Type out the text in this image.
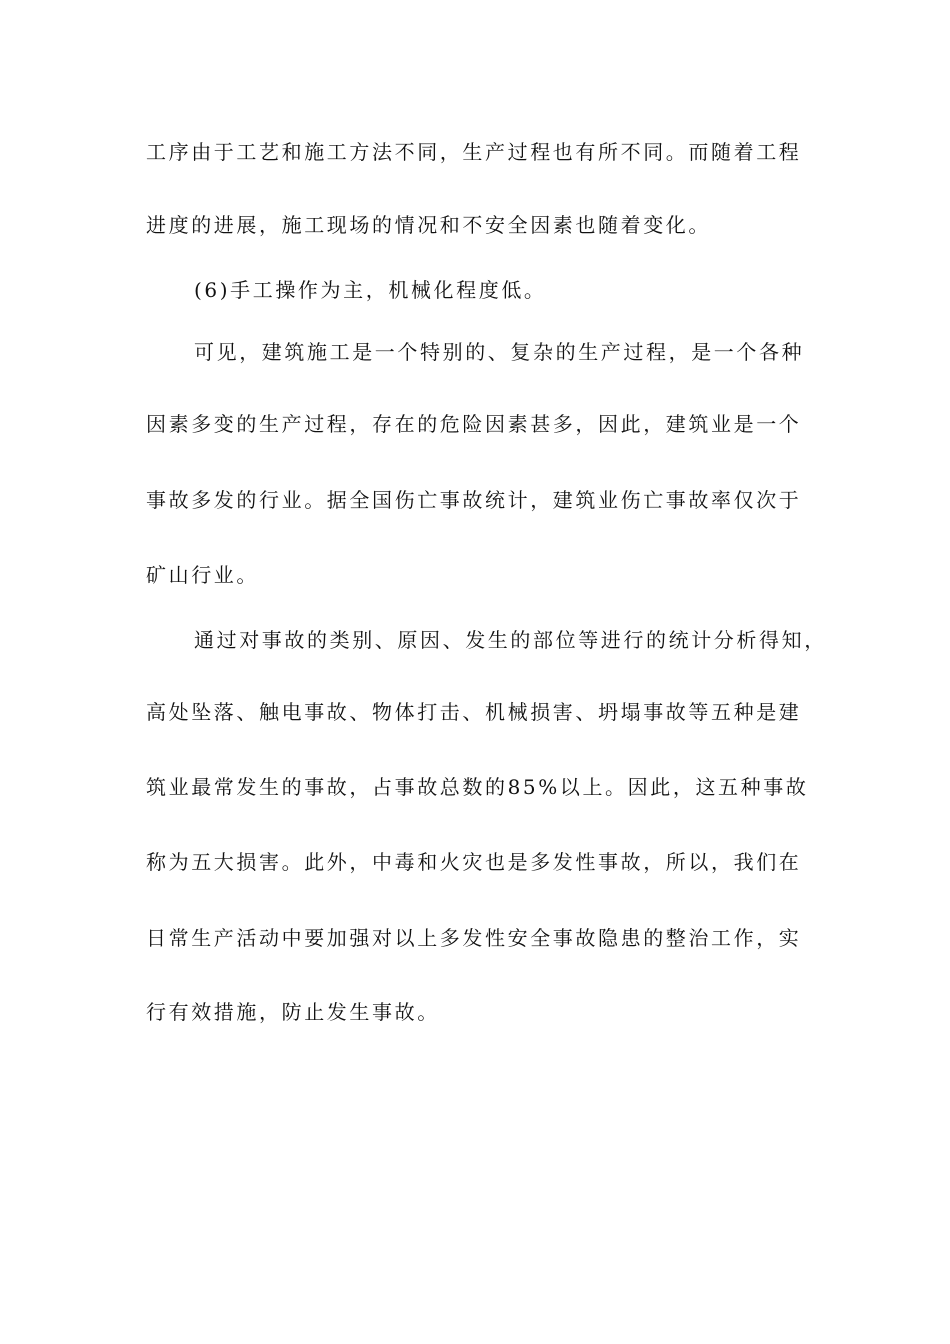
工序由于工艺和施工方法不同，生产过程也有所不同。而随着工程
进度的进展，施工现场的情况和不安全因素也随着变化。
(6)手工操作为主，机械化程度低。
可见，建筑施工是一个特别的、复杂的生产过程，是一个各种
因素多变的生产过程，存在的危险因素甚多，因此，建筑业是一个
事故多发的行业。据全国伤亡事故统计，建筑业伤亡事故率仅次于
矿山行业。
通过对事故的类别、原因、发生的部位等进行的统计分析得知，
高处坠落、触电事故、物体打击、机械损害、坍塌事故等五种是建
筑业最常发生的事故，占事故总数的85%以上。因此，这五种事故
称为五大损害。此外，中毒和火灾也是多发性事故，所以，我们在
日常生产活动中要加强对以上多发性安全事故隐患的整治工作，实
行有效措施，防止发生事故。
